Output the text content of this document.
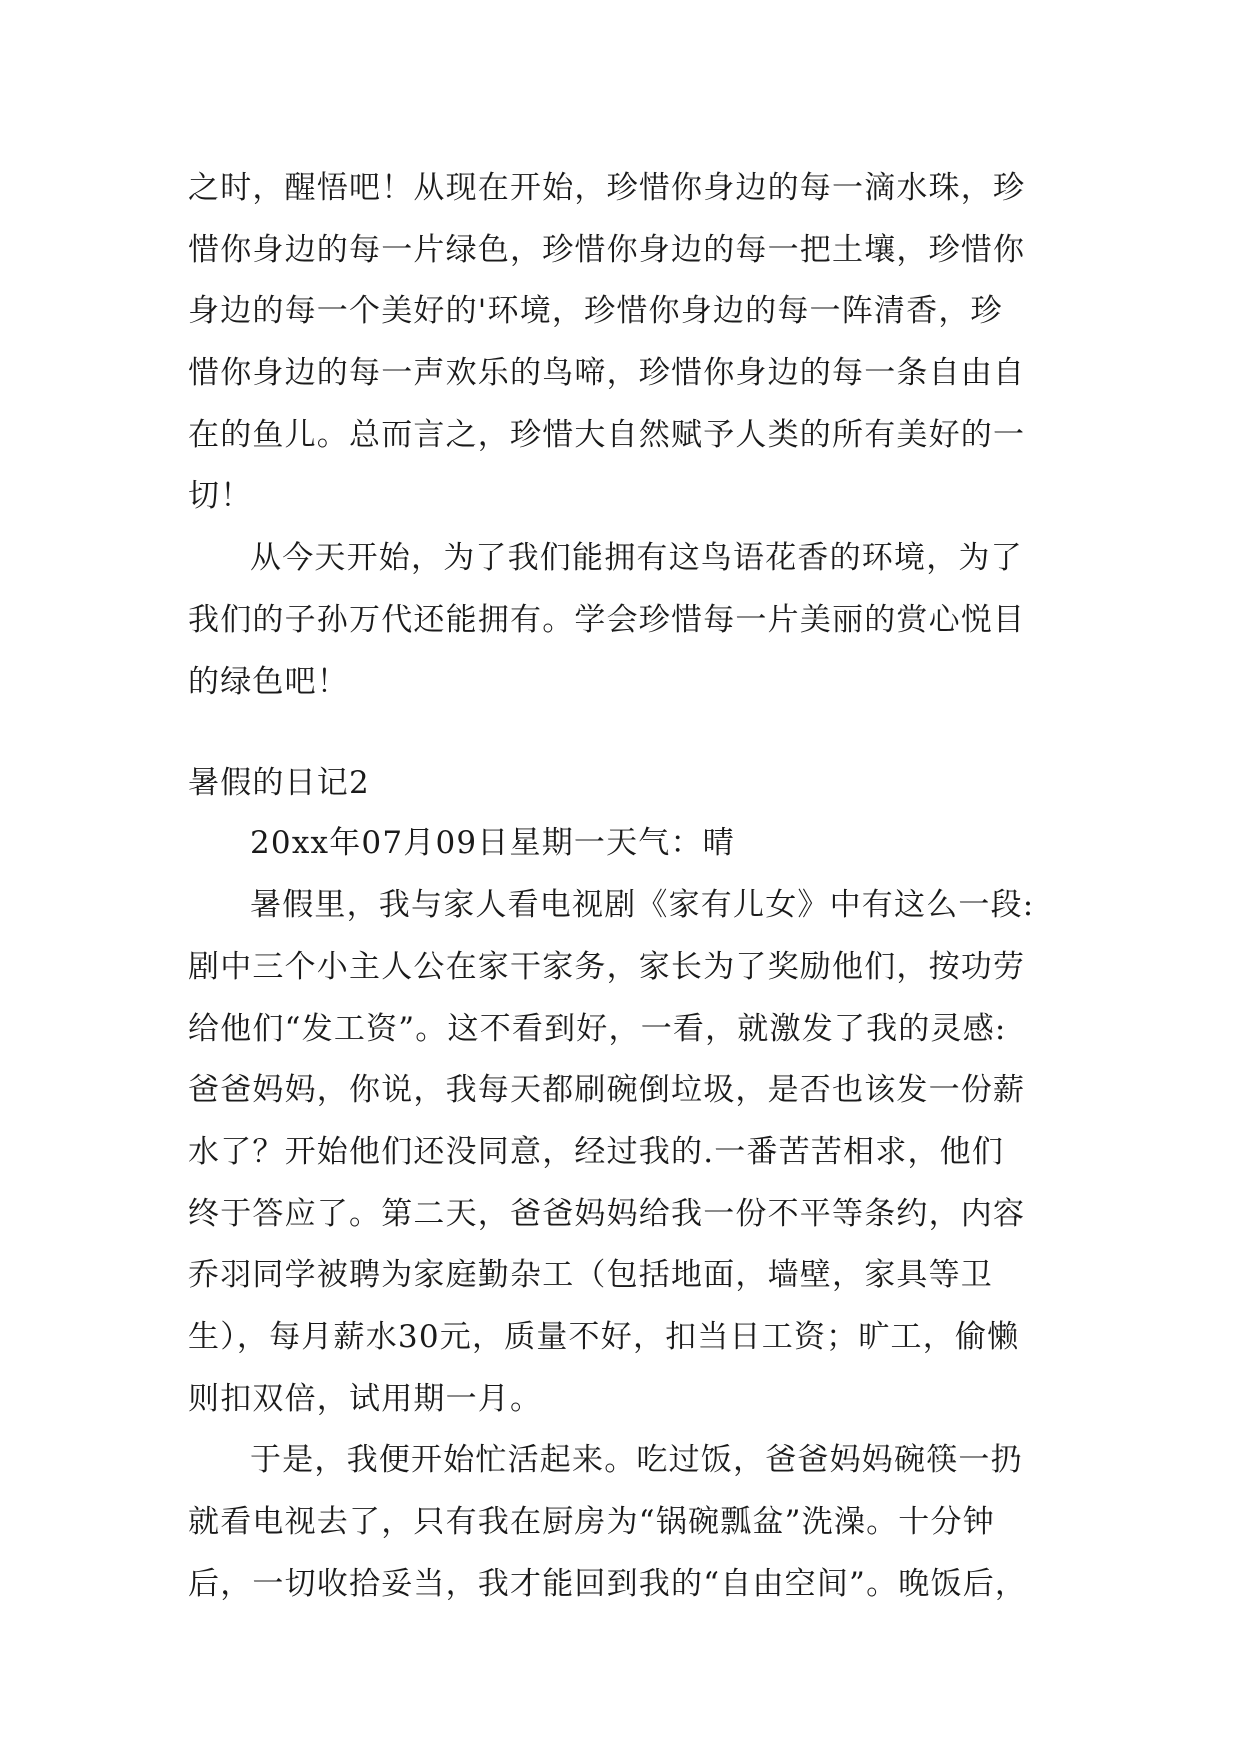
之时，醒悟吧！从现在开始，珍惜你身边的每一滴水珠，珍
惜你身边的每一片绿色，珍惜你身边的每一把土壤，珍惜你
身边的每一个美好的'环境，珍惜你身边的每一阵清香，珍
惜你身边的每一声欢乐的鸟啼，珍惜你身边的每一条自由自
在的鱼儿。总而言之，珍惜大自然赋予人类的所有美好的一
切！
从今天开始，为了我们能拥有这鸟语花香的环境，为了
我们的子孙万代还能拥有。学会珍惜每一片美丽的赏心悦目
的绿色吧！
暑假的日记2
20xx年07月09日星期一天气：晴
暑假里，我与家人看电视剧《家有儿女》中有这么一段:
剧中三个小主人公在家干家务，家长为了奖励他们，按功劳
给他们“发工资”。这不看到好，一看，就激发了我的灵感:
爸爸妈妈，你说，我每天都刷碗倒垃圾，是否也该发一份薪
水了？开始他们还没同意，经过我的.一番苦苦相求，他们
终于答应了。第二天，爸爸妈妈给我一份不平等条约，内容
乔羽同学被聘为家庭勤杂工（包括地面，墙壁，家具等卫
生），每月薪水30元，质量不好，扣当日工资；旷工，偷懒
则扣双倍，试用期一月。
于是，我便开始忙活起来。吃过饭，爸爸妈妈碗筷一扔
就看电视去了，只有我在厨房为“锅碗瓢盆”洗澡。十分钟
后，一切收拾妥当，我才能回到我的“自由空间”。晚饭后，
